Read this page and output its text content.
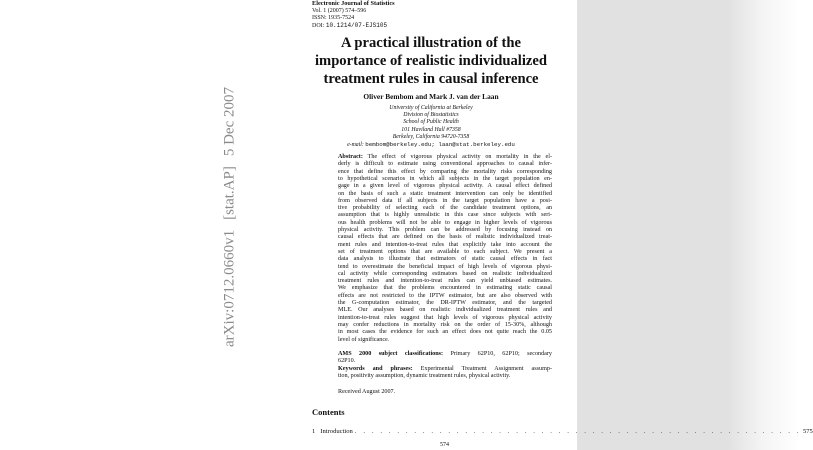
arXiv:0712.0660v1[stat.AP]5 Dec 2007
Electronic Journal of Statistics
Vol. 1 (2007) 574–596
ISSN: 1935-7524
DOI: 10.1214/07-EJS105
A practical illustration of the
importance of realistic individualized
treatment rules in causal inference
Oliver Bembom and Mark J. van der Laan
University of California at Berkeley
Division of Biostatistics
School of Public Health
101 Haviland Hall #7358
Berkeley, California 94720-7358
e-mail: bembom@berkeley.edu; laan@stat.berkeley.edu
Abstract: The effect of vigorous physical activity on mortality in the el-
derly is difficult to estimate using conventional approaches to causal infer-
ence that define this effect by comparing the mortality risks corresponding
to hypothetical scenarios in which all subjects in the target population en-
gage in a given level of vigorous physical activity. A causal effect defined
on the basis of such a static treatment intervention can only be identified
from observed data if all subjects in the target population have a posi-
tive probability of selecting each of the candidate treatment options, an
assumption that is highly unrealistic in this case since subjects with seri-
ous health problems will not be able to engage in higher levels of vigorous
physical activity. This problem can be addressed by focusing instead on
causal effects that are defined on the basis of realistic individualized treat-
ment rules and intention-to-treat rules that explicitly take into account the
set of treatment options that are available to each subject. We present a
data analysis to illustrate that estimators of static causal effects in fact
tend to overestimate the beneficial impact of high levels of vigorous physi-
cal activity while corresponding estimators based on realistic individualized
treatment rules and intention-to-treat rules can yield unbiased estimates.
We emphasize that the problems encountered in estimating static causal
effects are not restricted to the IPTW estimator, but are also observed with
the G-computation estimator, the DR-IPTW estimator, and the targeted
MLE. Our analyses based on realistic individualized treatment rules and
intention-to-treat rules suggest that high levels of vigorous physical activity
may confer reductions in mortality risk on the order of 15-30%, although
in most cases the evidence for such an effect does not quite reach the 0.05
level of significance.
AMS 2000 subject classifications: Primary 62P10, 62P10; secondary
62P10.
Keywords and phrases: Experimental Treatment Assignment assump-
tion, positivity assumption, dynamic treatment rules, physical activity.
Received August 2007.
Contents
1
Introduction . . . . . . . . . . . . . . . . . . . . . . . . . . . . . . . . . . . . . . . . . . . . . . . . . . . . . 575
574
